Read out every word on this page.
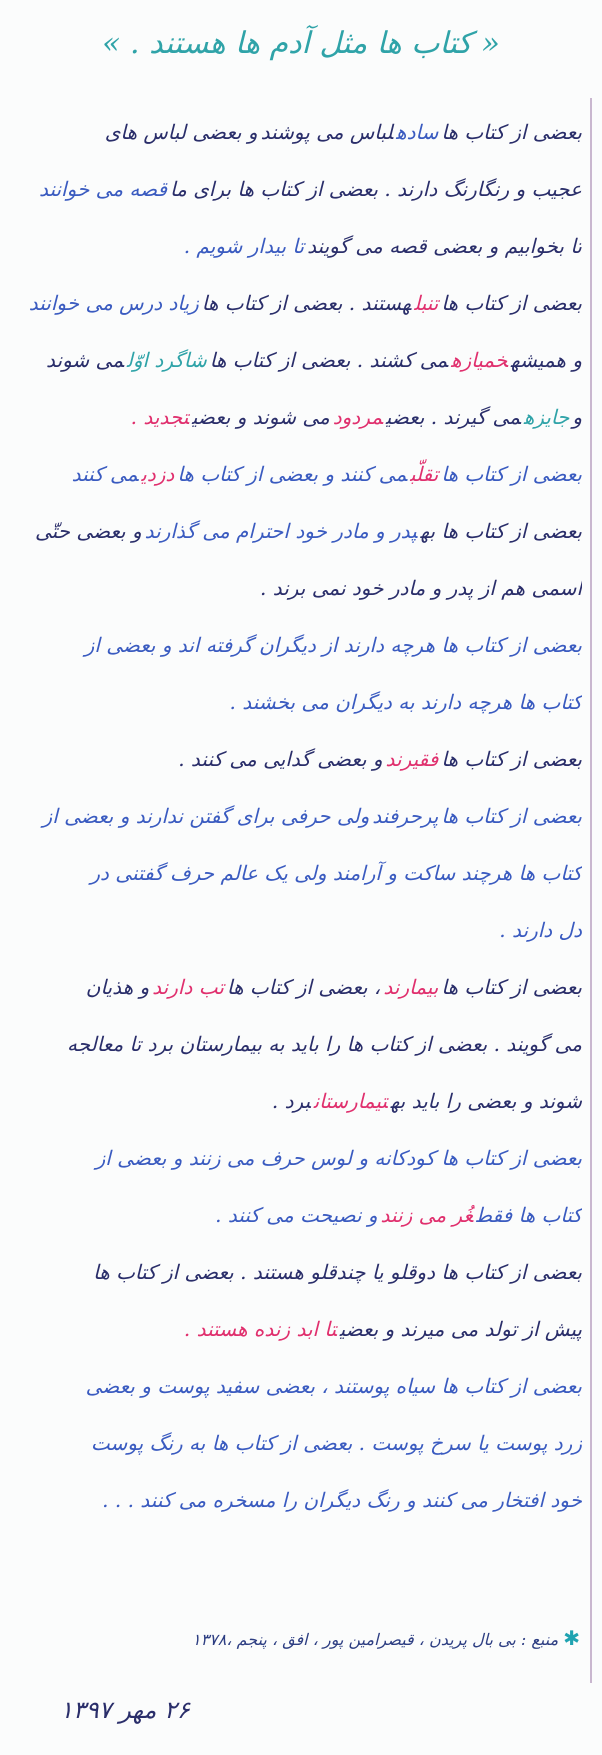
« کتاب ها مثل آدم ها هستند . »
بعضی از کتاب هاسادهلباس می پوشندو بعضی لباس های
عجیب و رنگارنگ دارند . بعضی از کتاب ها برای ماقصه می خوانند
تا بخوابیم و بعضی قصه می گویندتا بیدار شویم .
بعضی از کتاب هاتنبلهستند . بعضی از کتاب هازیاد درس می خوانند
و همیشهخمیازهمی کشند . بعضی از کتاب هاشاگرد اوّلمی شوند
وجایزهمی گیرند . بعضیمردودمی شوند و بعضیتجدید .
بعضی از کتاب هاتقلّبمی کنند و بعضی از کتاب هادزدیمی کنند
بعضی از کتاب ها بهپدر و مادر خود احترام می گذارندو بعضی حتّی
اسمی هم از پدر و مادر خود نمی برند .
بعضی از کتاب ها هرچه دارند از دیگران گرفته اند و بعضی از
کتاب ها هرچه دارند به دیگران می بخشند .
بعضی از کتاب هافقیرندو بعضی گدایی می کنند .
بعضی از کتاب هاپرحرفندولی حرفی برای گفتن ندارند و بعضی از
کتاب ها هرچند ساکت و آرامند ولی یک عالم حرف گفتنی در
دل دارند .
بعضی از کتاب هابیمارند، بعضی از کتاب هاتب دارندو هذیان
می گویند . بعضی از کتاب ها را باید به بیمارستان برد تا معالجه
شوند و بعضی را باید بهتیمارستانبرد .
بعضی از کتاب ها کودکانه و لوس حرف می زنند و بعضی از
کتاب ها فقطغُر می زنندو نصیحت می کنند .
بعضی از کتاب ها دوقلو یا چندقلو هستند . بعضی از کتاب ها
پیش از تولد می میرند و بعضیتا ابد زنده هستند .
بعضی از کتاب ها سیاه پوستند ، بعضی سفید پوست و بعضی
زرد پوست یا سرخ پوست . بعضی از کتاب ها به رنگ پوست
خود افتخار می کنند و رنگ دیگران را مسخره می کنند . . .
✱ منبع : بی بال پریدن ، قیصرامین پور ، افق ، پنجم ،۱۳۷۸
۲۶ مهر ۱۳۹۷
